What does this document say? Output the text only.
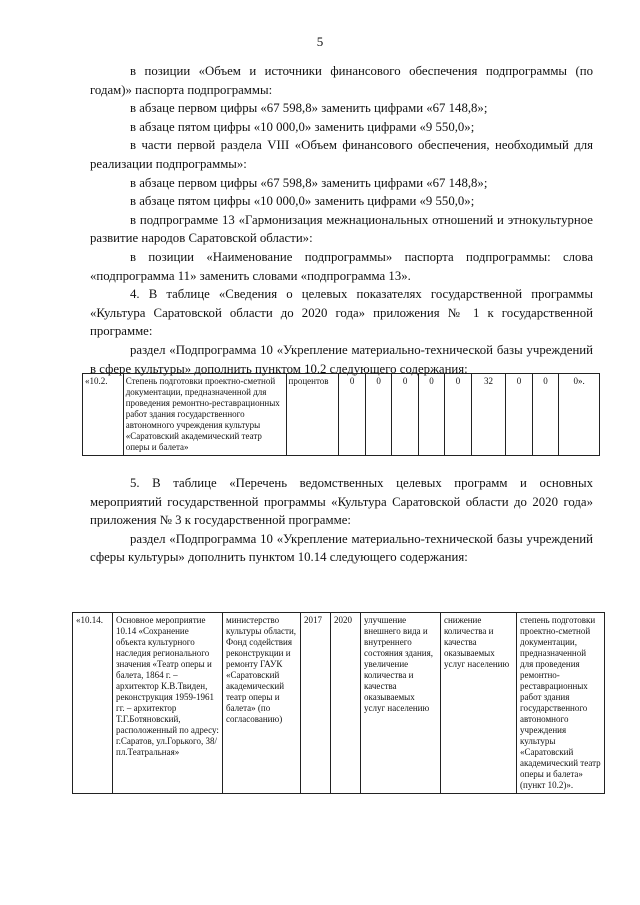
5

в позиции «Объем и источники финансового обеспечения подпрограммы (по годам)» паспорта подпрограммы:

в абзаце первом цифры «67 598,8» заменить цифрами «67 148,8»;

в абзаце пятом цифры «10 000,0» заменить цифрами «9 550,0»;

в части первой раздела VIII «Объем финансового обеспечения, необходимый для реализации подпрограммы»:

в абзаце первом цифры «67 598,8» заменить цифрами «67 148,8»;

в абзаце пятом цифры «10 000,0» заменить цифрами «9 550,0»;

в подпрограмме 13 «Гармонизация межнациональных отношений и этнокультурное развитие народов Саратовской области»:

в позиции «Наименование подпрограммы» паспорта подпрограммы: слова «подпрограмма 11» заменить словами «подпрограмма 13».

4. В таблице «Сведения о целевых показателях государственной программы «Культура Саратовской области до 2020 года» приложения № 1 к государственной программе:

раздел «Подпрограмма 10 «Укрепление материально-технической базы учреждений в сфере культуры» дополнить пунктом 10.2 следующего содержания:

«10.2.	Степень подготовки проектно-сметной документации, предназначенной для проведения ремонтно-реставрационных работ здания государственного автономного учреждения культуры «Саратовский академический театр оперы и балета»	процентов	0	0	0	0	0	32	0	0	0».

5. В таблице «Перечень ведомственных целевых программ и основных мероприятий государственной программы «Культура Саратовской области до 2020 года» приложения № 3 к государственной программе:

раздел «Подпрограмма 10 «Укрепление материально-технической базы учреждений сферы культуры» дополнить пунктом 10.14 следующего содержания:

«10.14.	Основное мероприятие 10.14 «Сохранение объекта культурного наследия регионального значения «Театр оперы и балета, 1864 г. – архитектор К.В.Твиден, реконструкция 1959-1961 гг. – архитектор Т.Г.Ботяновский, расположенный по адресу: г.Саратов, ул.Горького, 38/ пл.Театральная»	министерство культуры области, Фонд содействия реконструкции и ремонту ГАУК «Саратовский академический театр оперы и балета» (по согласованию)	2017	2020	улучшение внешнего вида и внутреннего состояния здания, увеличение количества и качества оказываемых услуг населению	снижение количества и качества оказываемых услуг населению	степень подготовки проектно-сметной документации, предназначенной для проведения ремонтно-реставрационных работ здания государственного автономного учреждения культуры «Саратовский академический театр оперы и балета» (пункт 10.2)».
